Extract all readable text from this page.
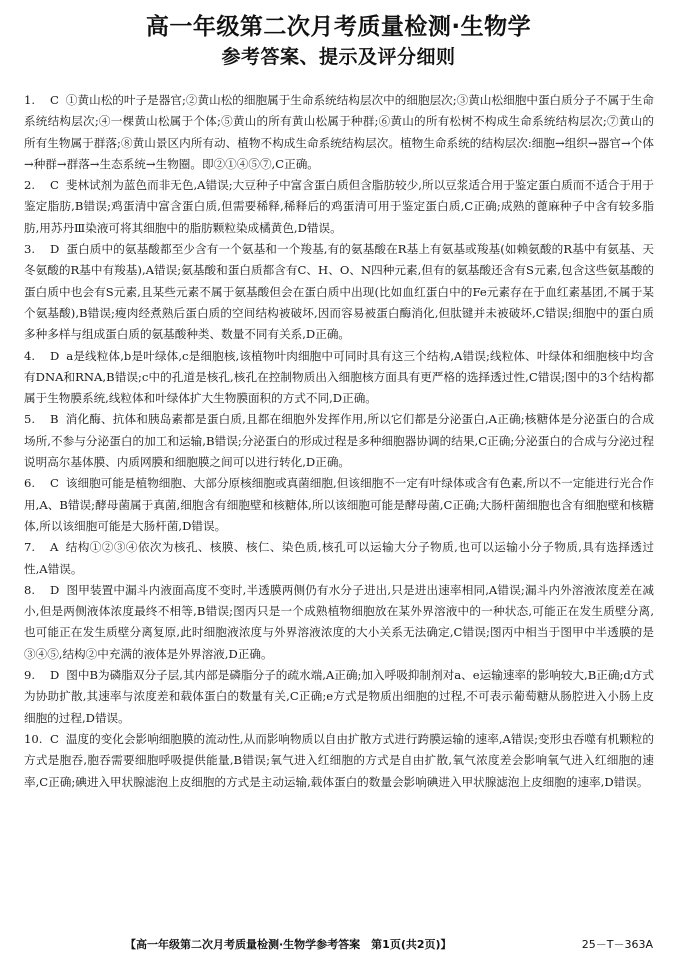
高一年级第二次月考质量检测·生物学
参考答案、提示及评分细则

1. C ①黄山松的叶子是器官;②黄山松的细胞属于生命系统结构层次中的细胞层次;③黄山松细胞中蛋白质分子不属于生命系统结构层次;④一棵黄山松属于个体;⑤黄山的所有黄山松属于种群;⑥黄山的所有松树不构成生命系统结构层次;⑦黄山的所有生物属于群落;⑧黄山景区内所有动、植物不构成生命系统结构层次。植物生命系统的结构层次:细胞→组织→器官→个体→种群→群落→生态系统→生物圈。即②①④⑤⑦,C正确。

2. C 斐林试剂为蓝色而非无色,A错误;大豆种子中富含蛋白质但含脂肪较少,所以豆浆适合用于鉴定蛋白质而不适合于用于鉴定脂肪,B错误;鸡蛋清中富含蛋白质,但需要稀释,稀释后的鸡蛋清可用于鉴定蛋白质,C正确;成熟的蓖麻种子中含有较多脂肪,用苏丹Ⅲ染液可将其细胞中的脂肪颗粒染成橘黄色,D错误。

3. D 蛋白质中的氨基酸都至少含有一个氨基和一个羧基,有的氨基酸在R基上有氨基或羧基(如赖氨酸的R基中有氨基、天冬氨酸的R基中有羧基),A错误;氨基酸和蛋白质都含有C、H、O、N四种元素,但有的氨基酸还含有S元素,包含这些氨基酸的蛋白质中也会有S元素,且某些元素不属于氨基酸但会在蛋白质中出现(比如血红蛋白中的Fe元素存在于血红素基团,不属于某个氨基酸),B错误;瘦肉经煮熟后蛋白质的空间结构被破坏,因而容易被蛋白酶消化,但肽键并未被破坏,C错误;细胞中的蛋白质多种多样与组成蛋白质的氨基酸种类、数量不同有关系,D正确。

4. D a是线粒体,b是叶绿体,c是细胞核,该植物叶肉细胞中可同时具有这三个结构,A错误;线粒体、叶绿体和细胞核中均含有DNA和RNA,B错误;c中的孔道是核孔,核孔在控制物质出入细胞核方面具有更严格的选择透过性,C错误;图中的3个结构都属于生物膜系统,线粒体和叶绿体扩大生物膜面积的方式不同,D正确。

5. B 消化酶、抗体和胰岛素都是蛋白质,且都在细胞外发挥作用,所以它们都是分泌蛋白,A正确;核糖体是分泌蛋白的合成场所,不参与分泌蛋白的加工和运输,B错误;分泌蛋白的形成过程是多种细胞器协调的结果,C正确;分泌蛋白的合成与分泌过程说明高尔基体膜、内质网膜和细胞膜之间可以进行转化,D正确。

6. C 该细胞可能是植物细胞、大部分原核细胞或真菌细胞,但该细胞不一定有叶绿体或含有色素,所以不一定能进行光合作用,A、B错误;酵母菌属于真菌,细胞含有细胞壁和核糖体,所以该细胞可能是酵母菌,C正确;大肠杆菌细胞也含有细胞壁和核糖体,所以该细胞可能是大肠杆菌,D错误。

7. A 结构①②③④依次为核孔、核膜、核仁、染色质,核孔可以运输大分子物质,也可以运输小分子物质,具有选择透过性,A错误。

8. D 图甲装置中漏斗内液面高度不变时,半透膜两侧仍有水分子进出,只是进出速率相同,A错误;漏斗内外溶液浓度差在减小,但是两侧液体浓度最终不相等,B错误;图丙只是一个成熟植物细胞放在某外界溶液中的一种状态,可能正在发生质壁分离,也可能正在发生质壁分离复原,此时细胞液浓度与外界溶液浓度的大小关系无法确定,C错误;图丙中相当于图甲中半透膜的是③④⑤,结构②中充满的液体是外界溶液,D正确。

9. D 图中B为磷脂双分子层,其内部是磷脂分子的疏水端,A正确;加入呼吸抑制剂对a、e运输速率的影响较大,B正确;d方式为协助扩散,其速率与浓度差和载体蛋白的数量有关,C正确;e方式是物质出细胞的过程,不可表示葡萄糖从肠腔进入小肠上皮细胞的过程,D错误。

10. C 温度的变化会影响细胞膜的流动性,从而影响物质以自由扩散方式进行跨膜运输的速率,A错误;变形虫吞噬有机颗粒的方式是胞吞,胞吞需要细胞呼吸提供能量,B错误;氧气进入红细胞的方式是自由扩散,氧气浓度差会影响氧气进入红细胞的速率,C正确;碘进入甲状腺滤泡上皮细胞的方式是主动运输,载体蛋白的数量会影响碘进入甲状腺滤泡上皮细胞的速率,D错误。

【高一年级第二次月考质量检测·生物学参考答案　第1页(共2页)】	25－T－363A
